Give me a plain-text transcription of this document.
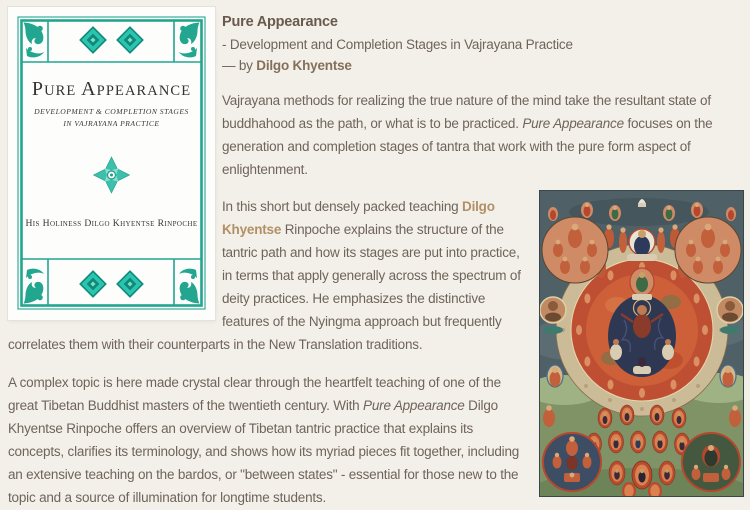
PURE APPEARANCE
DEVELOPMENT & COMPLETION STAGES
IN VAJRAYANA PRACTICE
His Holiness Dilgo Khyentse Rinpoche
Pure Appearance
- Development and Completion Stages in Vajrayana Practice
— by Dilgo Khyentse

Vajrayana methods for realizing the true nature of the mind take the resultant state of buddhahood as the path, or what is to be practiced. Pure Appearance focuses on the generation and completion stages of tantra that work with the pure form aspect of enlightenment.

In this short but densely packed teaching Dilgo Khyentse Rinpoche explains the structure of the tantric path and how its stages are put into practice, in terms that apply generally across the spectrum of deity practices. He emphasizes the distinctive features of the Nyingma approach but frequently correlates them with their counterparts in the New Translation traditions.

A complex topic is here made crystal clear through the heartfelt teaching of one of the great Tibetan Buddhist masters of the twentieth century. With Pure Appearance Dilgo Khyentse Rinpoche offers an overview of Tibetan tantric practice that explains its concepts, clarifies its terminology, and shows how its myriad pieces fit together, including an extensive teaching on the bardos, or "between states" - essential for those new to the topic and a source of illumination for longtime students.
